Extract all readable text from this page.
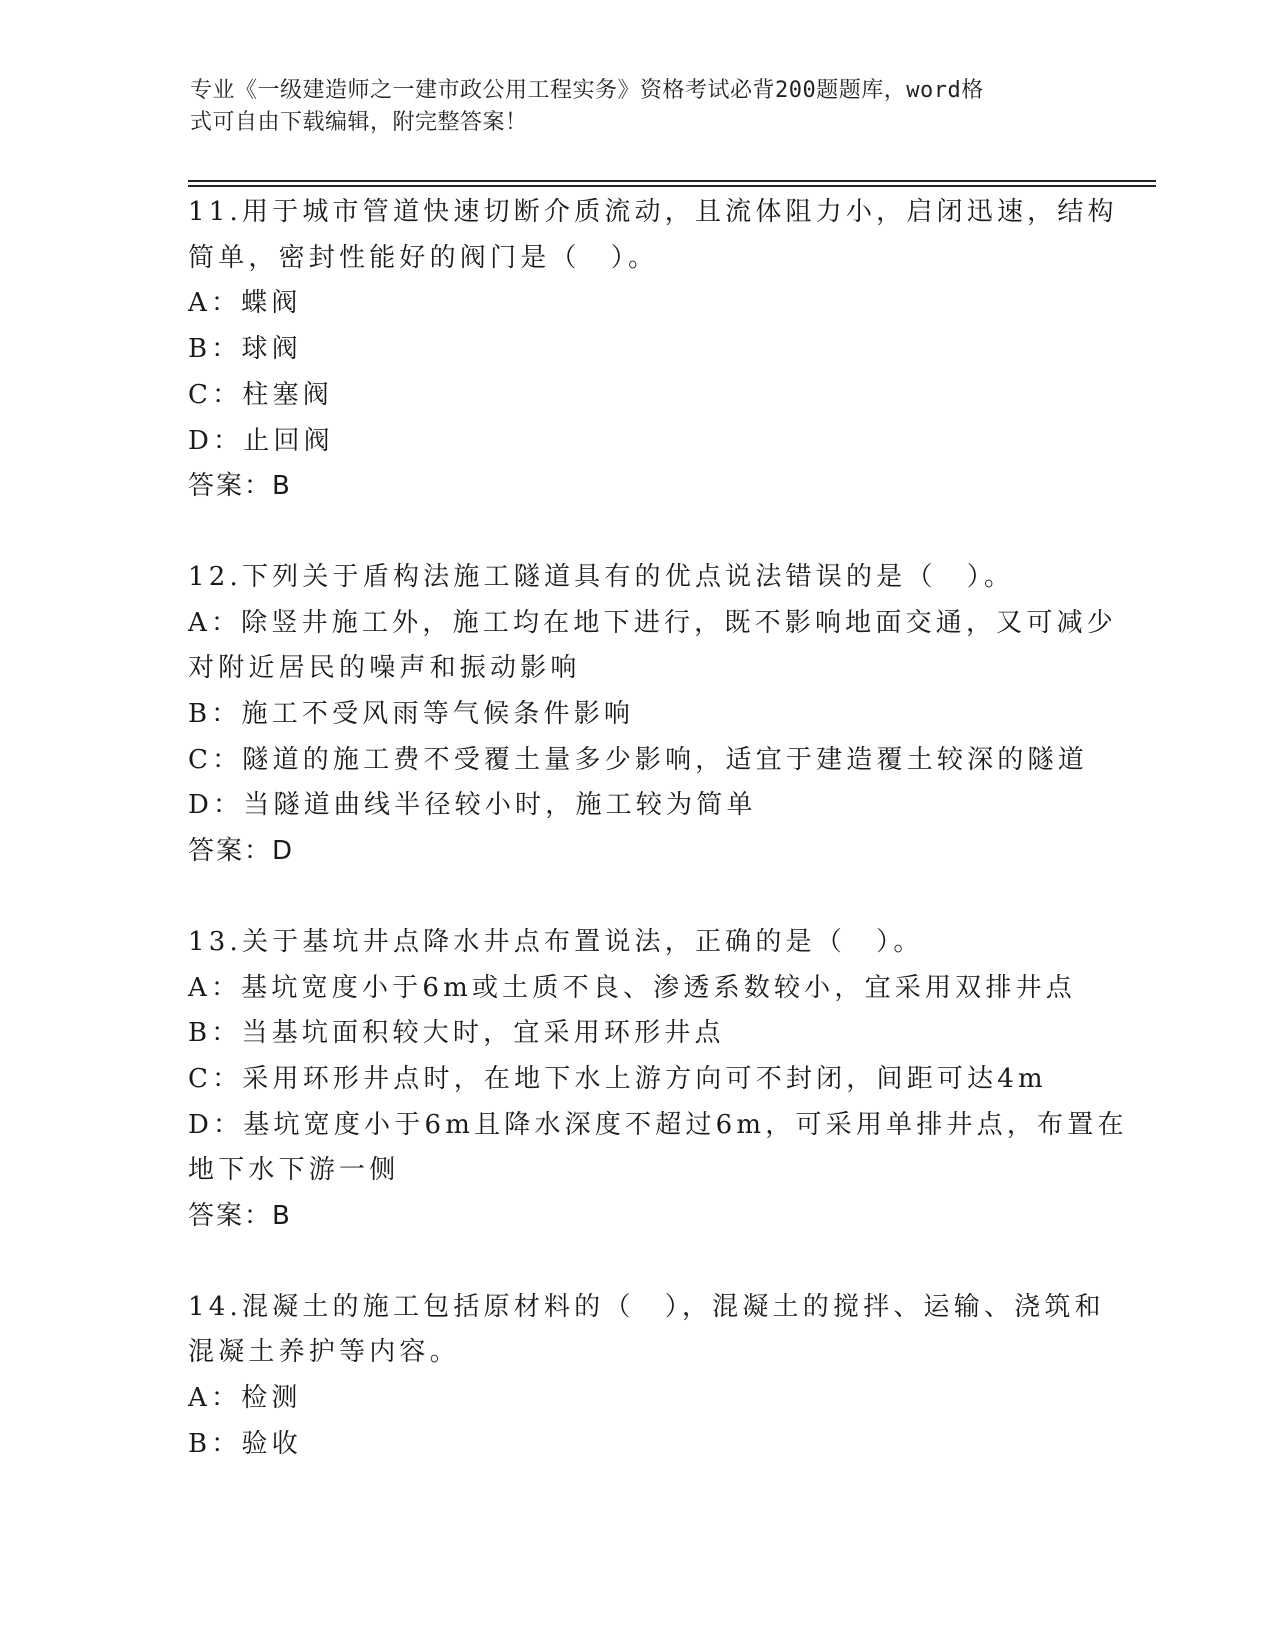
专业《一级建造师之一建市政公用工程实务》资格考试必背200题题库，word格
式可自由下载编辑，附完整答案！
11.用于城市管道快速切断介质流动，且流体阻力小，启闭迅速，结构
简单，密封性能好的阀门是（　）。
A：蝶阀
B：球阀
C：柱塞阀
D：止回阀
答案：B
12.下列关于盾构法施工隧道具有的优点说法错误的是（　）。
A：除竖井施工外，施工均在地下进行，既不影响地面交通，又可减少
对附近居民的噪声和振动影响
B：施工不受风雨等气候条件影响
C：隧道的施工费不受覆土量多少影响，适宜于建造覆土较深的隧道
D：当隧道曲线半径较小时，施工较为简单
答案：D
13.关于基坑井点降水井点布置说法，正确的是（　）。
A：基坑宽度小于6m或土质不良、渗透系数较小，宜采用双排井点
B：当基坑面积较大时，宜采用环形井点
C：采用环形井点时，在地下水上游方向可不封闭，间距可达4m
D：基坑宽度小于6m且降水深度不超过6m，可采用单排井点，布置在
地下水下游一侧
答案：B
14.混凝土的施工包括原材料的（　），混凝土的搅拌、运输、浇筑和
混凝土养护等内容。
A：检测
B：验收
